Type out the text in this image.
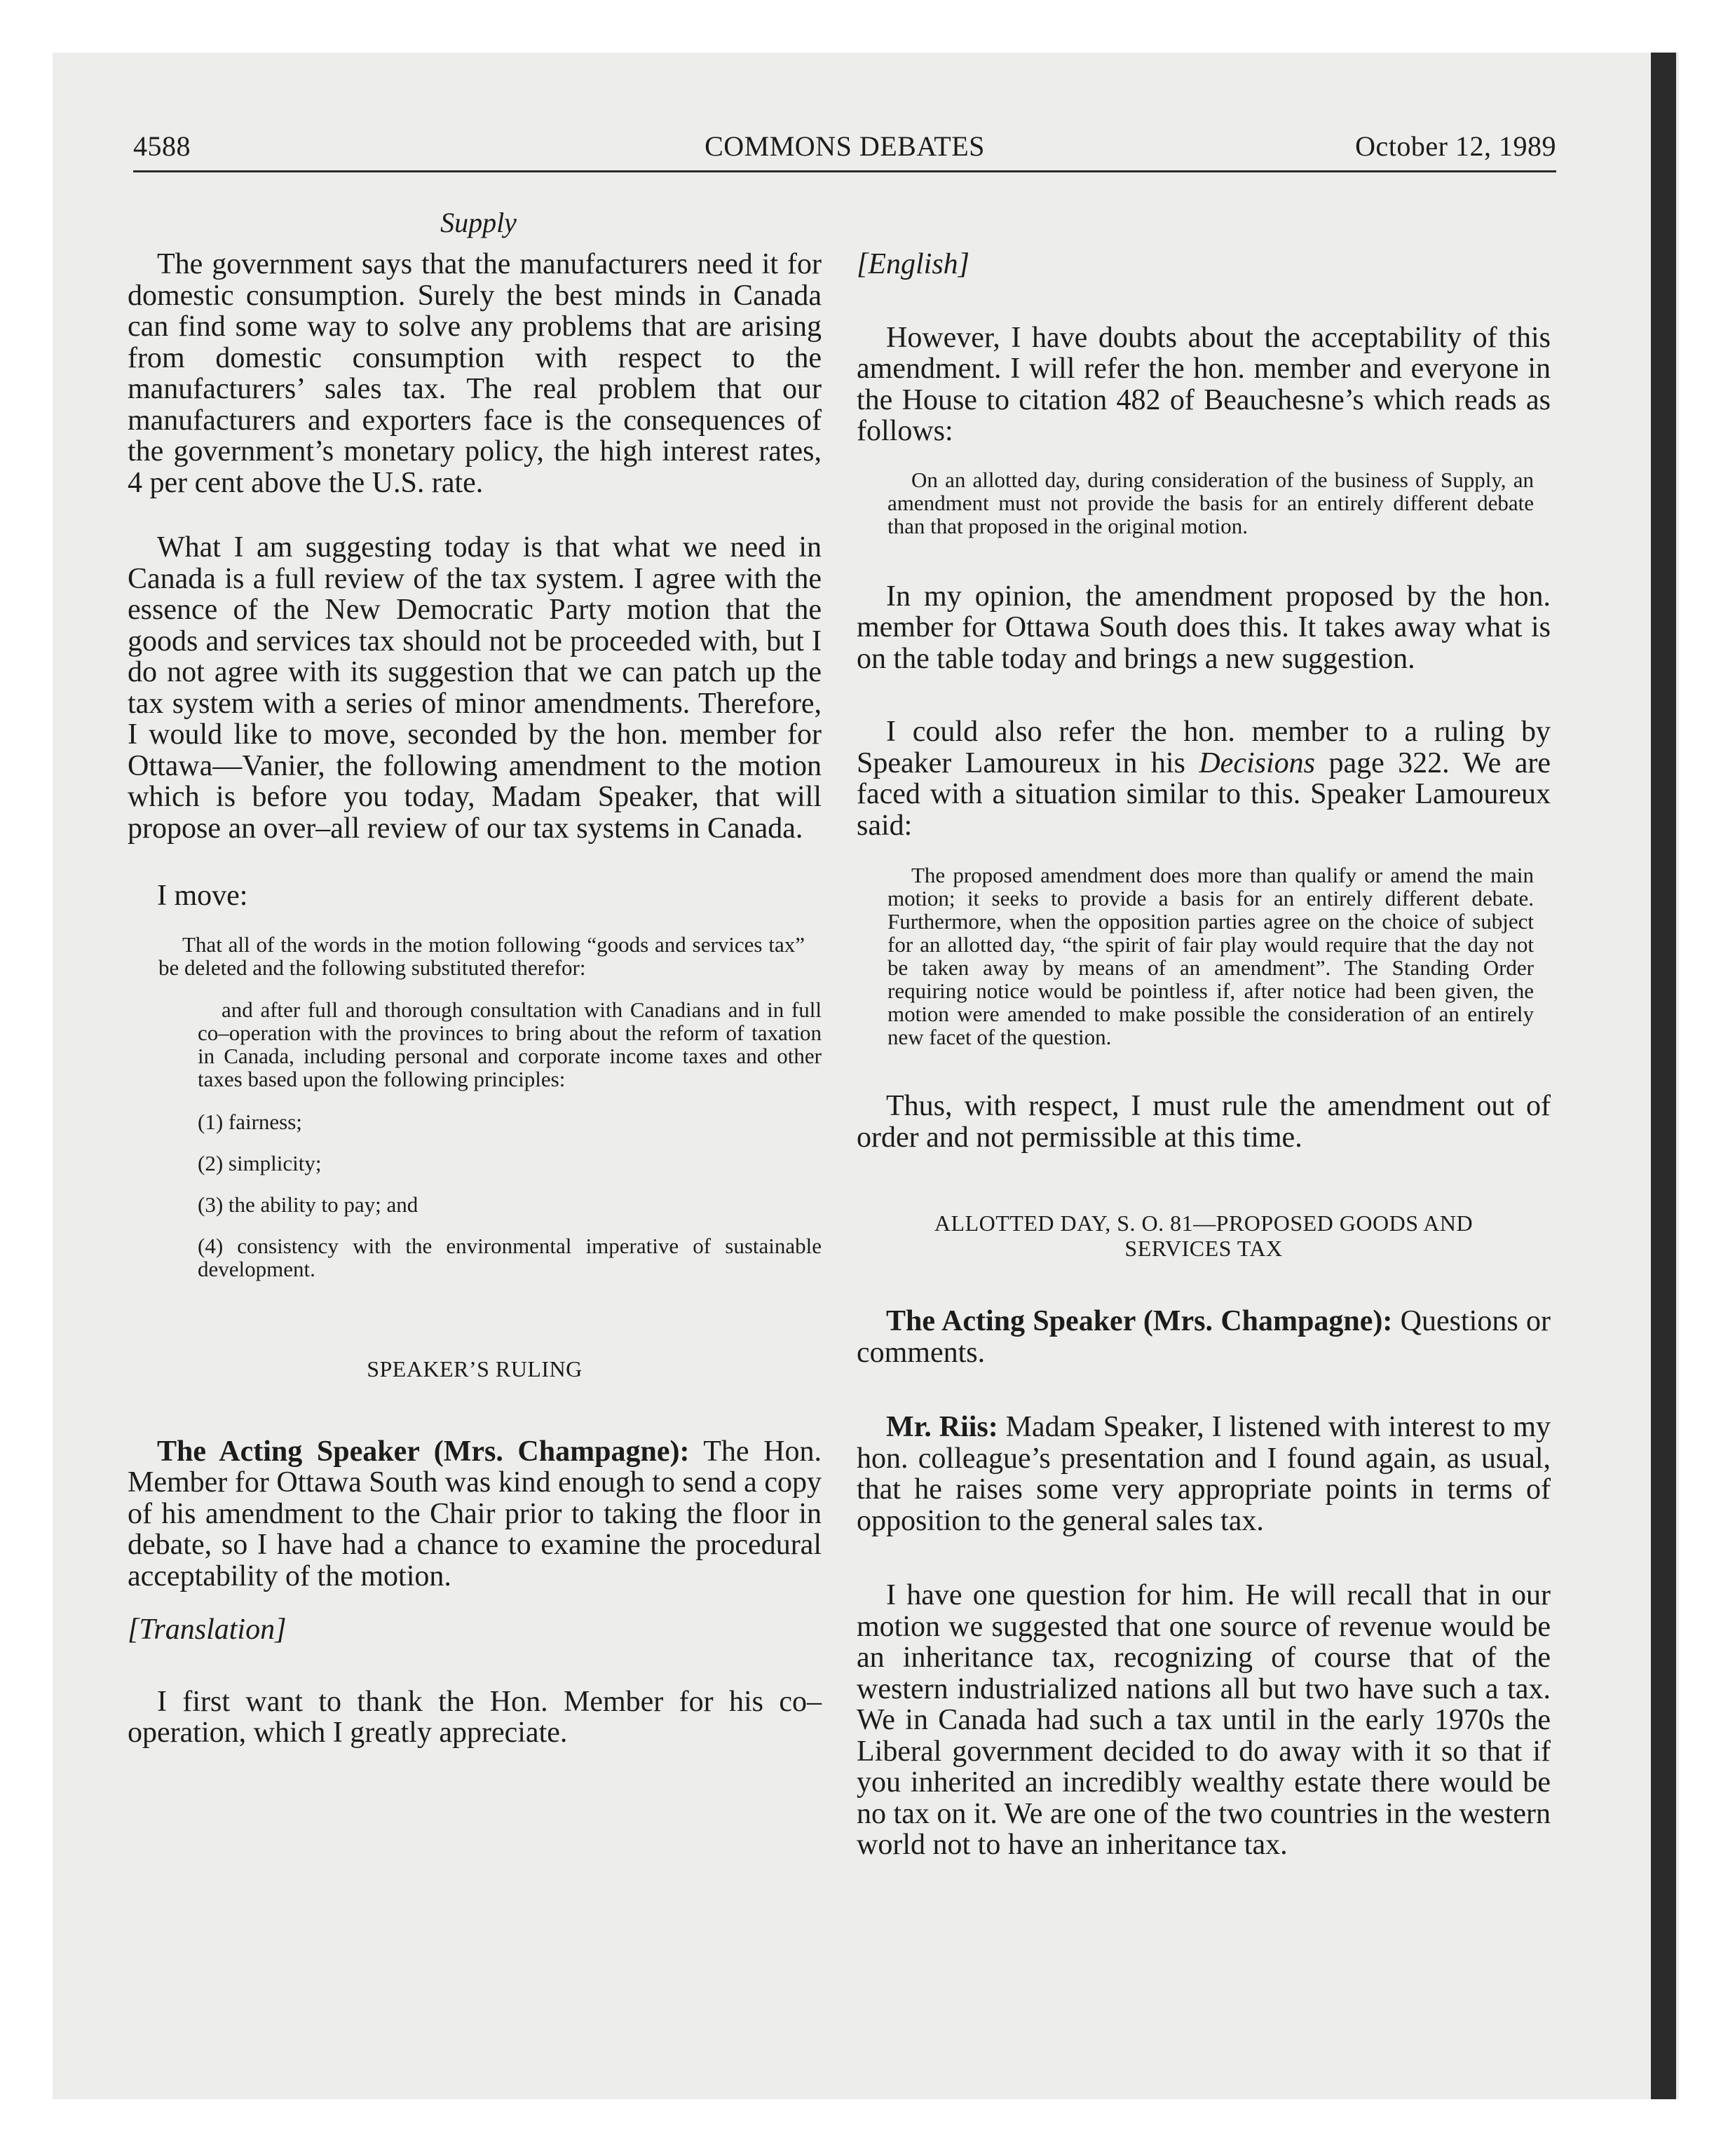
4588	COMMONS DEBATES	October 12, 1989
Supply

The government says that the manufacturers need it for domestic consumption. Surely the best minds in Canada can find some way to solve any problems that are arising from domestic consumption with respect to the manufacturers’ sales tax. The real problem that our manufacturers and exporters face is the consequences of the government’s monetary policy, the high interest rates, 4 per cent above the U.S. rate.

What I am suggesting today is that what we need in Canada is a full review of the tax system. I agree with the essence of the New Democratic Party motion that the goods and services tax should not be proceeded with, but I do not agree with its suggestion that we can patch up the tax system with a series of minor amendments. Therefore, I would like to move, seconded by the hon. member for Ottawa—Vanier, the following amendment to the motion which is before you today, Madam Speaker, that will propose an over–all review of our tax systems in Canada.

I move:

That all of the words in the motion following “goods and services tax” be deleted and the following substituted therefor:

and after full and thorough consultation with Canadians and in full co–operation with the provinces to bring about the reform of taxation in Canada, including personal and corporate income taxes and other taxes based upon the following principles:

(1) fairness;

(2) simplicity;

(3) the ability to pay; and

(4) consistency with the environmental imperative of sustainable development.

SPEAKER’S RULING

The Acting Speaker (Mrs. Champagne): The Hon. Member for Ottawa South was kind enough to send a copy of his amendment to the Chair prior to taking the floor in debate, so I have had a chance to examine the procedural acceptability of the motion.

[Translation]

I first want to thank the Hon. Member for his co–operation, which I greatly appreciate.

[English]

However, I have doubts about the acceptability of this amendment. I will refer the hon. member and everyone in the House to citation 482 of Beauchesne’s which reads as follows:

On an allotted day, during consideration of the business of Supply, an amendment must not provide the basis for an entirely different debate than that proposed in the original motion.

In my opinion, the amendment proposed by the hon. member for Ottawa South does this. It takes away what is on the table today and brings a new suggestion.

I could also refer the hon. member to a ruling by Speaker Lamoureux in his Decisions page 322. We are faced with a situation similar to this. Speaker Lamoureux said:

The proposed amendment does more than qualify or amend the main motion; it seeks to provide a basis for an entirely different debate. Furthermore, when the opposition parties agree on the choice of subject for an allotted day, “the spirit of fair play would require that the day not be taken away by means of an amendment”. The Standing Order requiring notice would be pointless if, after notice had been given, the motion were amended to make possible the consideration of an entirely new facet of the question.

Thus, with respect, I must rule the amendment out of order and not permissible at this time.

ALLOTTED DAY, S. O. 81—PROPOSED GOODS AND SERVICES TAX

The Acting Speaker (Mrs. Champagne): Questions or comments.

Mr. Riis: Madam Speaker, I listened with interest to my hon. colleague’s presentation and I found again, as usual, that he raises some very appropriate points in terms of opposition to the general sales tax.

I have one question for him. He will recall that in our motion we suggested that one source of revenue would be an inheritance tax, recognizing of course that of the western industrialized nations all but two have such a tax. We in Canada had such a tax until in the early 1970s the Liberal government decided to do away with it so that if you inherited an incredibly wealthy estate there would be no tax on it. We are one of the two countries in the western world not to have an inheritance tax.
